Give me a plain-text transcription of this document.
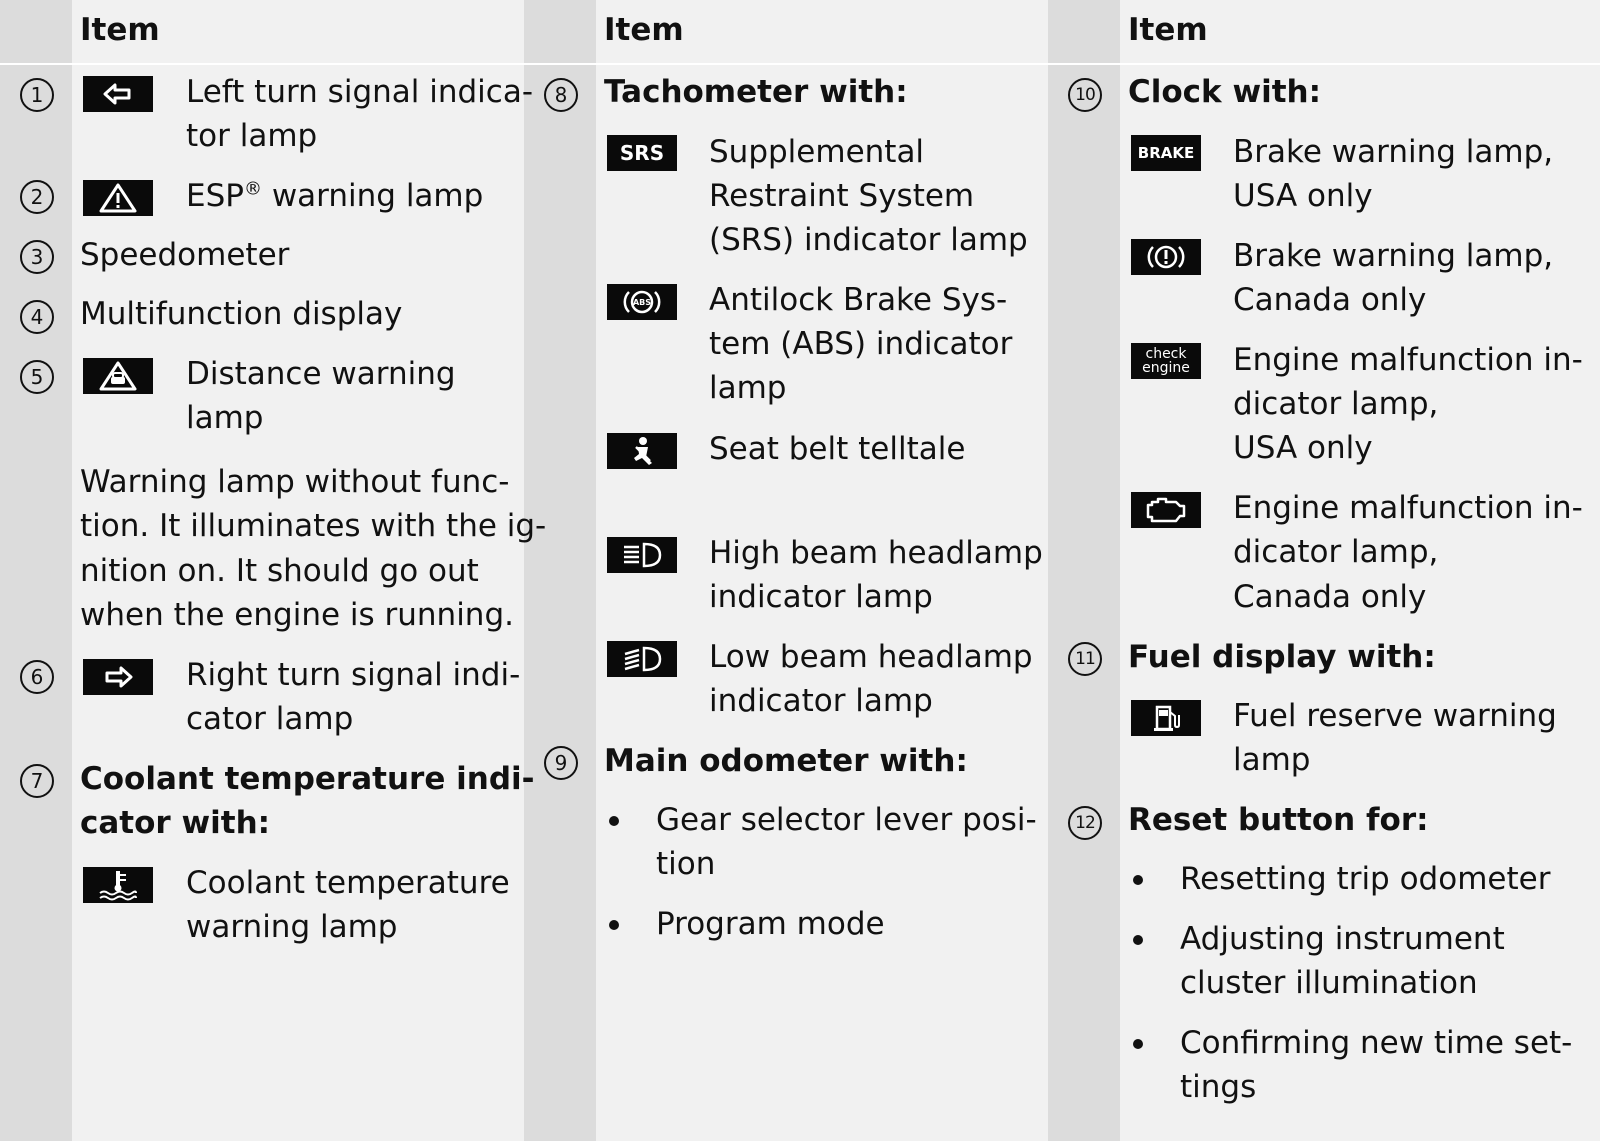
Item	Item	Item
1	Left turn signal indica-
tor lamp
2	ESP® warning lamp
3	Speedometer
4	Multifunction display
5	Distance warning
lamp
Warning lamp without func-
tion. It illuminates with the ig-
nition on. It should go out
when the engine is running.
6	Right turn signal indi-
cator lamp
7	Coolant temperature indi-
cator with:
Coolant temperature
warning lamp
8	Tachometer with:
SRS Supplemental
Restraint System
(SRS) indicator lamp
ABS Antilock Brake Sys-
tem (ABS) indicator
lamp
Seat belt telltale
High beam headlamp
indicator lamp
Low beam headlamp
indicator lamp
9	Main odometer with:
Gear selector lever posi-
tion
Program mode
10 Clock with:
BRAKE Brake warning lamp,
USA only
Brake warning lamp,
Canada only
check
engine Engine malfunction in-
dicator lamp,
USA only
Engine malfunction in-
dicator lamp,
Canada only
11 Fuel display with:
Fuel reserve warning
lamp
12 Reset button for:
Resetting trip odometer
Adjusting instrument
cluster illumination
Confirming new time set-
tings
